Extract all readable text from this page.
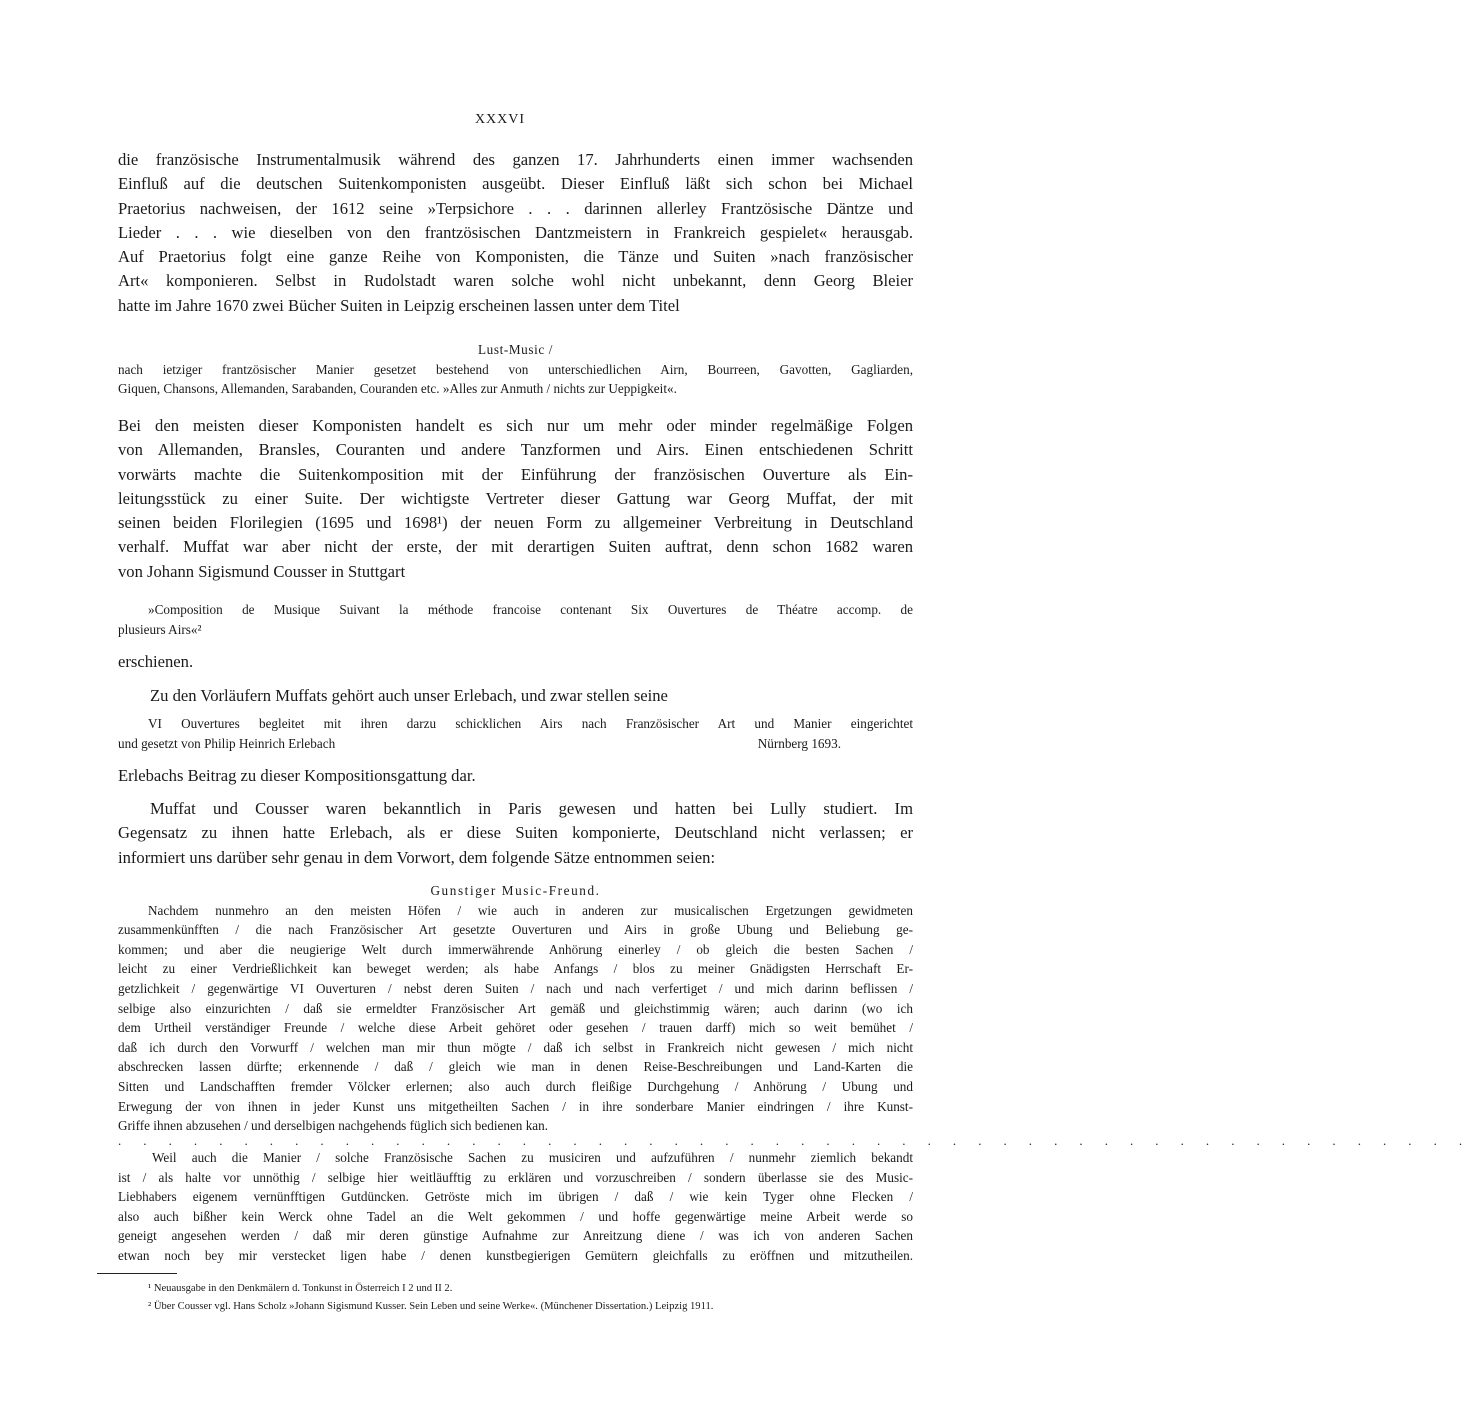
XXXVI
die französische Instrumentalmusik während des ganzen 17. Jahrhunderts einen immer wachsenden
Einfluß auf die deutschen Suitenkomponisten ausgeübt. Dieser Einfluß läßt sich schon bei Michael
Praetorius nachweisen, der 1612 seine »Terpsichore . . . darinnen allerley Frantzösische Däntze und
Lieder . . . wie dieselben von den frantzösischen Dantzmeistern in Frankreich gespielet« herausgab.
Auf Praetorius folgt eine ganze Reihe von Komponisten, die Tänze und Suiten »nach französischer
Art« komponieren. Selbst in Rudolstadt waren solche wohl nicht unbekannt, denn Georg Bleier
hatte im Jahre 1670 zwei Bücher Suiten in Leipzig erscheinen lassen unter dem Titel
Lust-Music /
nach ietziger frantzösischer Manier gesetzet bestehend von unterschiedlichen Airn, Bourreen, Gavotten, Gagliarden,
Giquen, Chansons, Allemanden, Sarabanden, Couranden etc. »Alles zur Anmuth / nichts zur Ueppigkeit«.
Bei den meisten dieser Komponisten handelt es sich nur um mehr oder minder regelmäßige Folgen
von Allemanden, Bransles, Couranten und andere Tanzformen und Airs. Einen entschiedenen Schritt
vorwärts machte die Suitenkomposition mit der Einführung der französischen Ouverture als Ein-
leitungsstück zu einer Suite. Der wichtigste Vertreter dieser Gattung war Georg Muffat, der mit
seinen beiden Florilegien (1695 und 1698¹) der neuen Form zu allgemeiner Verbreitung in Deutschland
verhalf. Muffat war aber nicht der erste, der mit derartigen Suiten auftrat, denn schon 1682 waren
von Johann Sigismund Cousser in Stuttgart
»Composition de Musique Suivant la méthode francoise contenant Six Ouvertures de Théatre accomp. de
plusieurs Airs«²
erschienen.
Zu den Vorläufern Muffats gehört auch unser Erlebach, und zwar stellen seine
VI Ouvertures begleitet mit ihren darzu schicklichen Airs nach Französischer Art und Manier eingerichtet
und gesetzt von Philip Heinrich Erlebach	Nürnberg 1693.
Erlebachs Beitrag zu dieser Kompositionsgattung dar.
Muffat und Cousser waren bekanntlich in Paris gewesen und hatten bei Lully studiert. Im
Gegensatz zu ihnen hatte Erlebach, als er diese Suiten komponierte, Deutschland nicht verlassen; er
informiert uns darüber sehr genau in dem Vorwort, dem folgende Sätze entnommen seien:
Gunstiger Music-Freund.
Nachdem nunmehro an den meisten Höfen / wie auch in anderen zur musicalischen Ergetzungen gewidmeten
zusammenkünfften / die nach Französischer Art gesetzte Ouverturen und Airs in große Ubung und Beliebung ge-
kommen; und aber die neugierige Welt durch immerwährende Anhörung einerley / ob gleich die besten Sachen /
leicht zu einer Verdrießlichkeit kan beweget werden; als habe Anfangs / blos zu meiner Gnädigsten Herrschaft Er-
getzlichkeit / gegenwärtige VI Ouverturen / nebst deren Suiten / nach und nach verfertiget / und mich darinn beflissen /
selbige also einzurichten / daß sie ermeldter Französischer Art gemäß und gleichstimmig wären; auch darinn (wo ich
dem Urtheil verständiger Freunde / welche diese Arbeit gehöret oder gesehen / trauen darff) mich so weit bemühet /
daß ich durch den Vorwurff / welchen man mir thun mögte / daß ich selbst in Frankreich nicht gewesen / mich nicht
abschrecken lassen dürfte; erkennende / daß / gleich wie man in denen Reise-Beschreibungen und Land-Karten die
Sitten und Landschafften fremder Völcker erlernen; also auch durch fleißige Durchgehung / Anhörung / Ubung und
Erwegung der von ihnen in jeder Kunst uns mitgetheilten Sachen / in ihre sonderbare Manier eindringen / ihre Kunst-
Griffe ihnen abzusehen / und derselbigen nachgehends füglich sich bedienen kan.
. . . . . . . . . . . . . . . . . . . . . . . . . . . . . . . . . . . . . . . . . . . . . . . . . . . . . .
Weil auch die Manier / solche Französische Sachen zu musiciren und aufzuführen / nunmehr ziemlich bekandt
ist / als halte vor unnöthig / selbige hier weitläufftig zu erklären und vorzuschreiben / sondern überlasse sie des Music-
Liebhabers eigenem vernünfftigen Gutdüncken. Getröste mich im übrigen / daß / wie kein Tyger ohne Flecken /
also auch bißher kein Werck ohne Tadel an die Welt gekommen / und hoffe gegenwärtige meine Arbeit werde so
geneigt angesehen werden / daß mir deren günstige Aufnahme zur Anreitzung diene / was ich von anderen Sachen
etwan noch bey mir verstecket ligen habe / denen kunstbegierigen Gemütern gleichfalls zu eröffnen und mitzutheilen.
¹ Neuausgabe in den Denkmälern d. Tonkunst in Österreich I 2 und II 2.
² Über Cousser vgl. Hans Scholz »Johann Sigismund Kusser. Sein Leben und seine Werke«. (Münchener Dissertation.) Leipzig 1911.
